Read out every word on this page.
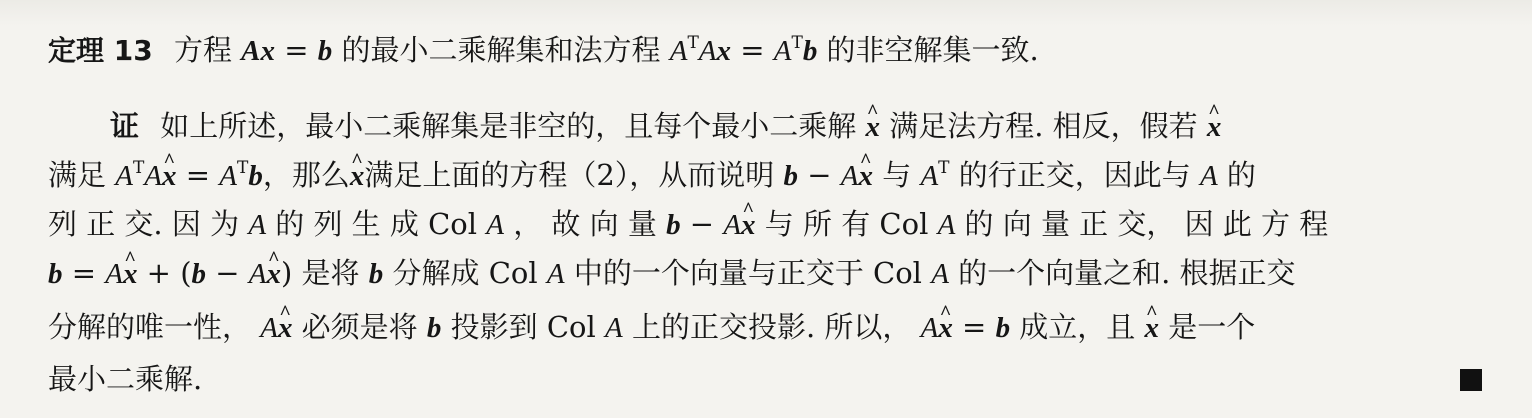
定理 13 方程 Ax = b 的最小二乘解集和法方程 $A^TAx = A^Tb$ 的非空解集一致.
证 如上所述，最小二乘解集是非空的，且每个最小二乘解 x ^ 满足法方程. 相反，假若 x ^
满足 $A^TAx$ ^ = $A^Tb$，那么x ^满足上面的方程（2），从而说明 b − Ax ^ 与 $A^T$ 的行正交，因此与 A 的
列 正 交. 因 为 A 的 列 生 成 Col A ， 故 向 量 b − Ax ^ 与 所 有 Col A 的 向 量 正 交， 因 此 方 程
b = Ax ^ + (b − Ax ^) 是将 b 分解成 Col A 中的一个向量与正交于 Col A 的一个向量之和. 根据正交
分解的唯一性， Ax ^ 必须是将 b 投影到 Col A 上的正交投影. 所以， Ax ^ = b 成立，且 x ^ 是一个
最小二乘解.
